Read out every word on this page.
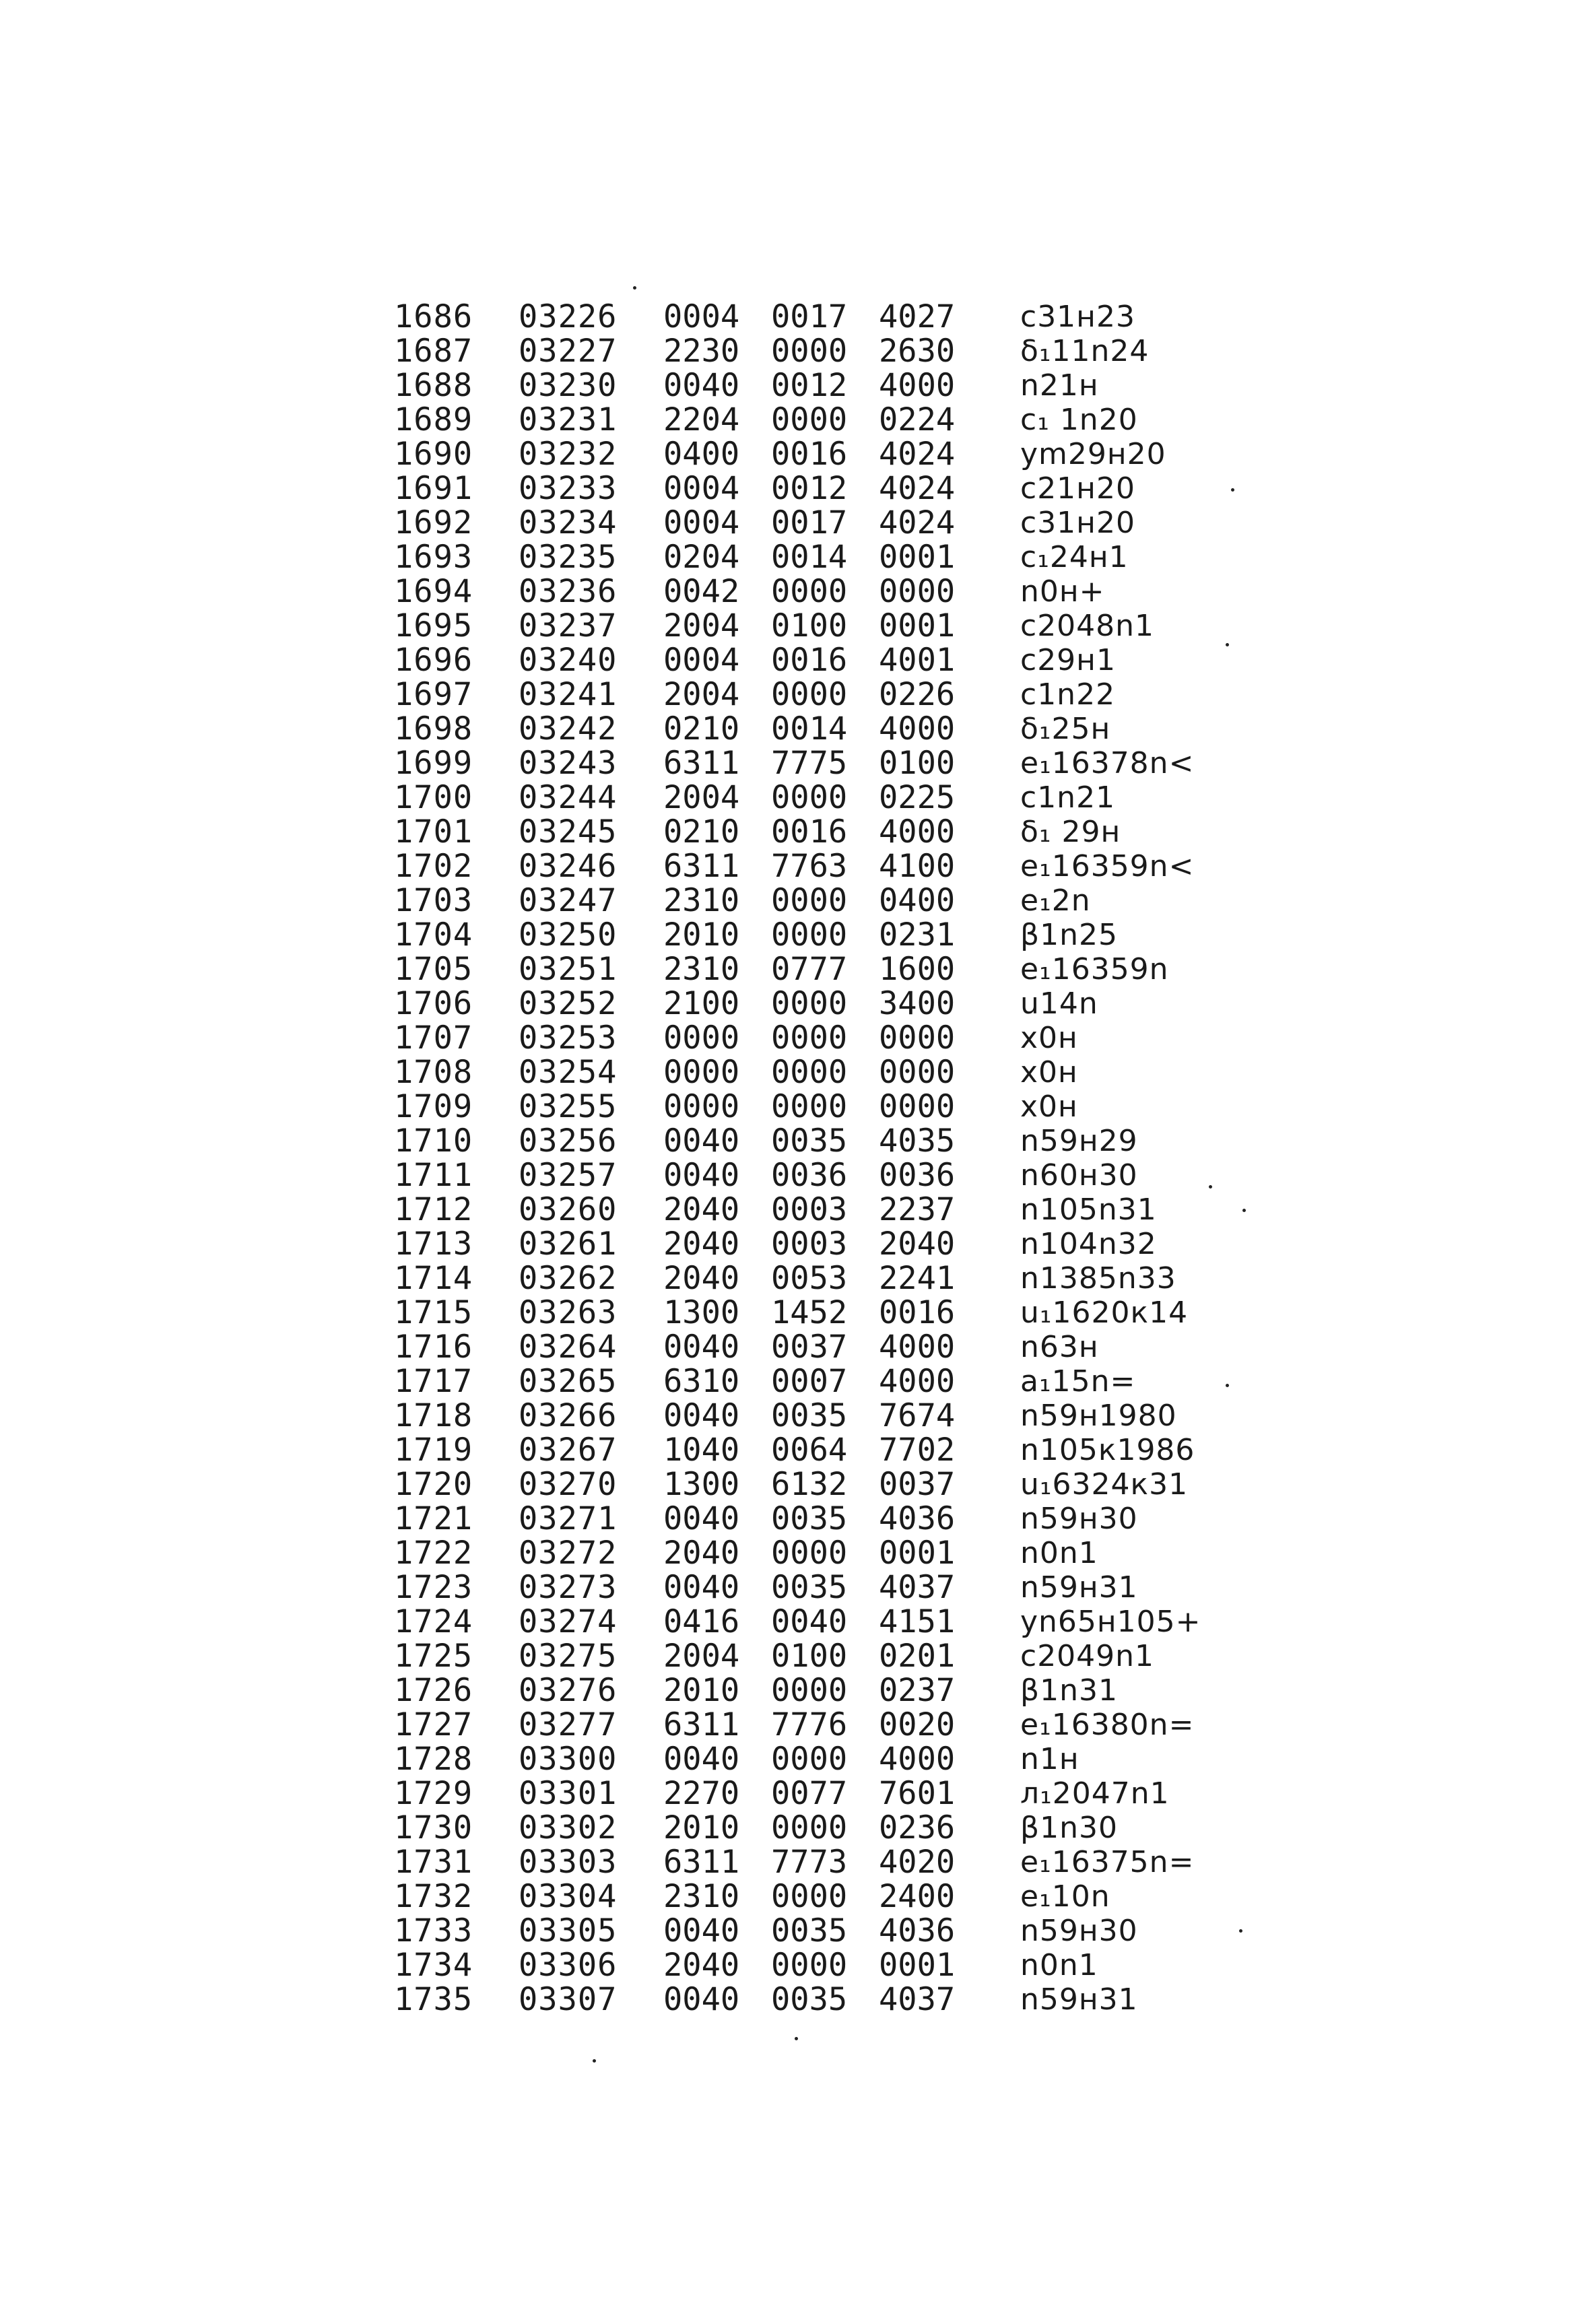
1686 03226 0004 0017 4027 c31н23
1687 03227 2230 0000 2630 δ₁11n24
1688 03230 0040 0012 4000 n21н
1689 03231 2204 0000 0224 c₁ 1n20
1690 03232 0400 0016 4024 ym29н20
1691 03233 0004 0012 4024 c21н20
1692 03234 0004 0017 4024 c31н20
1693 03235 0204 0014 0001 c₁24н1
1694 03236 0042 0000 0000 n0н+
1695 03237 2004 0100 0001 c2048n1
1696 03240 0004 0016 4001 c29н1
1697 03241 2004 0000 0226 c1n22
1698 03242 0210 0014 4000 δ₁25н
1699 03243 6311 7775 0100 e₁16378n<
1700 03244 2004 0000 0225 c1n21
1701 03245 0210 0016 4000 δ₁ 29н
1702 03246 6311 7763 4100 e₁16359n<
1703 03247 2310 0000 0400 e₁2n
1704 03250 2010 0000 0231 β1n25
1705 03251 2310 0777 1600 e₁16359n
1706 03252 2100 0000 3400 u14n
1707 03253 0000 0000 0000 x0н
1708 03254 0000 0000 0000 x0н
1709 03255 0000 0000 0000 x0н
1710 03256 0040 0035 4035 n59н29
1711 03257 0040 0036 0036 n60н30
1712 03260 2040 0003 2237 n105n31
1713 03261 2040 0003 2040 n104n32
1714 03262 2040 0053 2241 n1385n33
1715 03263 1300 1452 0016 u₁1620к14
1716 03264 0040 0037 4000 n63н
1717 03265 6310 0007 4000 a₁15n=
1718 03266 0040 0035 7674 n59н1980
1719 03267 1040 0064 7702 n105к1986
1720 03270 1300 6132 0037 u₁6324к31
1721 03271 0040 0035 4036 n59н30
1722 03272 2040 0000 0001 n0n1
1723 03273 0040 0035 4037 n59н31
1724 03274 0416 0040 4151 yn65н105+
1725 03275 2004 0100 0201 c2049n1
1726 03276 2010 0000 0237 β1n31
1727 03277 6311 7776 0020 e₁16380n=
1728 03300 0040 0000 4000 n1н
1729 03301 2270 0077 7601 л₁2047n1
1730 03302 2010 0000 0236 β1n30
1731 03303 6311 7773 4020 e₁16375n=
1732 03304 2310 0000 2400 e₁10n
1733 03305 0040 0035 4036 n59н30
1734 03306 2040 0000 0001 n0n1
1735 03307 0040 0035 4037 n59н31
